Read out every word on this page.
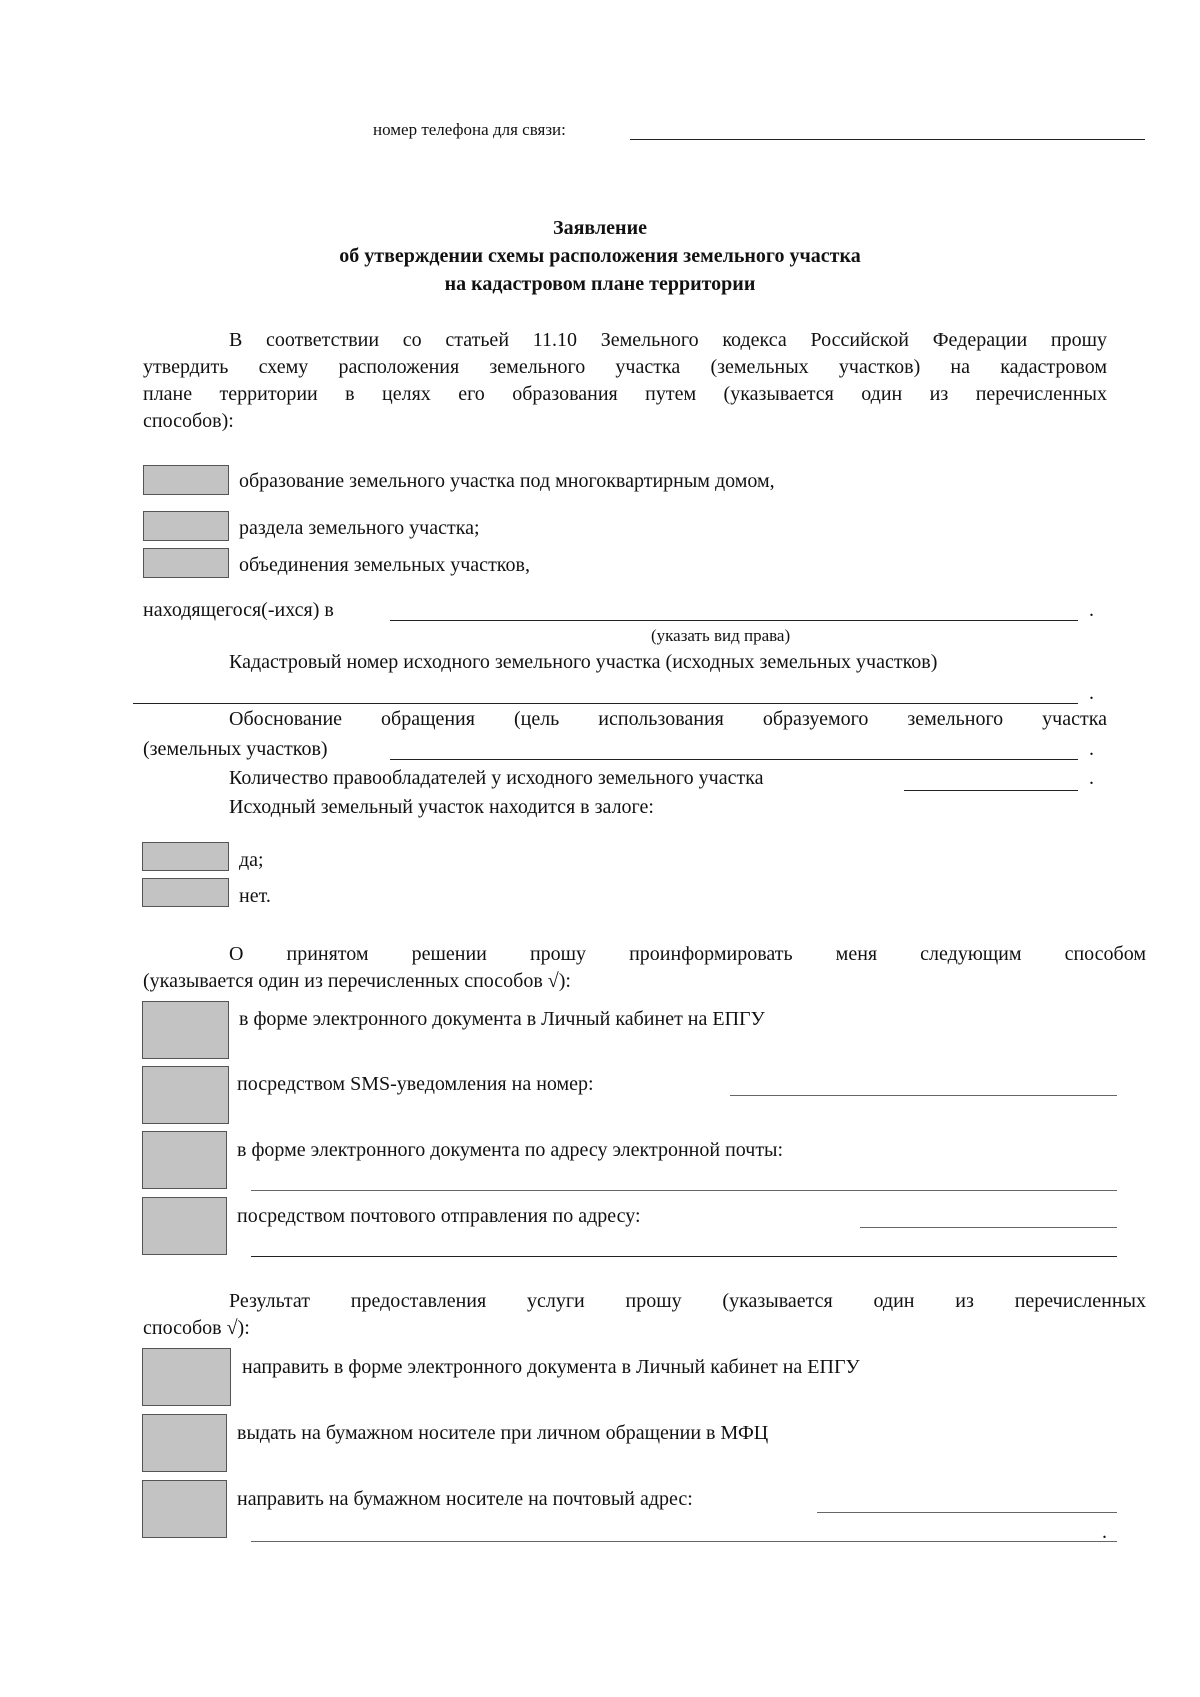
номер телефона для связи:
Заявление
об утверждении схемы расположения земельного участка
на кадастровом плане территории
В соответствии со статьей 11.10 Земельного кодекса Российской Федерации прошу
утвердить схему расположения земельного участка (земельных участков) на кадастровом
плане территории в целях его образования путем (указывается один из перечисленных
способов):
образование земельного участка под многоквартирным домом,
раздела земельного участка;
объединения земельных участков,
находящегося(-ихся) в	.
(указать вид права)
Кадастровый номер исходного земельного участка (исходных земельных участков)
.
Обоснование обращения (цель использования образуемого земельного участка
(земельных участков)	.
Количество правообладателей у исходного земельного участка	.
Исходный земельный участок находится в залоге:
да;
нет.
О принятом решении прошу проинформировать меня следующим способом
(указывается один из перечисленных способов √):
в форме электронного документа в Личный кабинет на ЕПГУ
посредством SMS-уведомления на номер:
в форме электронного документа по адресу электронной почты:
посредством почтового отправления по адресу:
Результат предоставления услуги прошу (указывается один из перечисленных
способов √):
направить в форме электронного документа в Личный кабинет на ЕПГУ
выдать на бумажном носителе при личном обращении в МФЦ
направить на бумажном носителе на почтовый адрес:
.
